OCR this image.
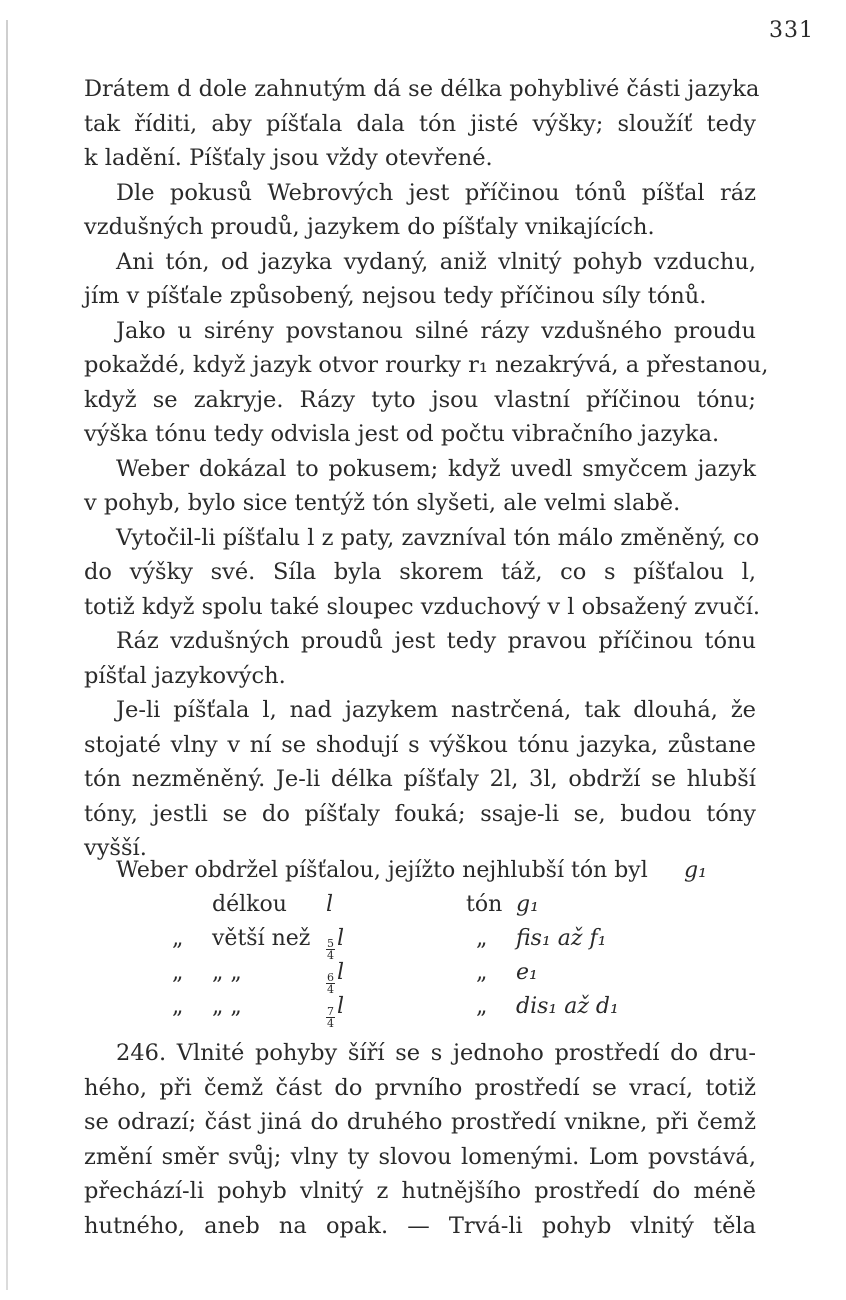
331
Drátem d dole zahnutým dá se délka pohyblivé části jazyka
tak říditi, aby píšťala dala tón jisté výšky; sloužíť tedy
k ladění. Píšťaly jsou vždy otevřené.
Dle pokusů Webrových jest příčinou tónů píšťal ráz
vzdušných proudů, jazykem do píšťaly vnikajících.
Ani tón, od jazyka vydaný, aniž vlnitý pohyb vzduchu,
jím v píšťale způsobený, nejsou tedy příčinou síly tónů.
Jako u sirény povstanou silné rázy vzdušného proudu
pokaždé, když jazyk otvor rourky r₁ nezakrývá, a přestanou,
když se zakryje. Rázy tyto jsou vlastní příčinou tónu;
výška tónu tedy odvisla jest od počtu vibračního jazyka.
Weber dokázal to pokusem; když uvedl smyčcem jazyk
v pohyb, bylo sice tentýž tón slyšeti, ale velmi slabě.
Vytočil-li píšťalu l z paty, zavzníval tón málo změněný, co
do výšky své. Síla byla skorem táž, co s píšťalou l,
totiž když spolu také sloupec vzduchový v l obsažený zvučí.
Ráz vzdušných proudů jest tedy pravou příčinou tónu
píšťal jazykových.
Je-li píšťala l, nad jazykem nastrčená, tak dlouhá, že
stojaté vlny v ní se shodují s výškou tónu jazyka, zůstane
tón nezměněný. Je-li délka píšťaly 2l, 3l, obdrží se hlubší
tóny, jestli se do píšťaly fouká; ssaje-li se, budou tóny
vyšší.
Weber obdržel píšťalou, jejížto nejhlubší tón byl g₁
délkou l	tón g₁
„ větší než $\frac{5}{4}$ l	„ fis₁ až f₁
„ „ „	$\frac{6}{4}$ l	„ e₁
„ „ „	$\frac{7}{4}$ l	„ dis₁ až d₁
246. Vlnité pohyby šíří se s jednoho prostředí do dru-
hého, při čemž část do prvního prostředí se vrací, totiž
se odrazí; část jiná do druhého prostředí vnikne, při čemž
změní směr svůj; vlny ty slovou lomenými. Lom povstává,
přechází-li pohyb vlnitý z hutnějšího prostředí do méně
hutného, aneb na opak. — Trvá-li pohyb vlnitý těla
